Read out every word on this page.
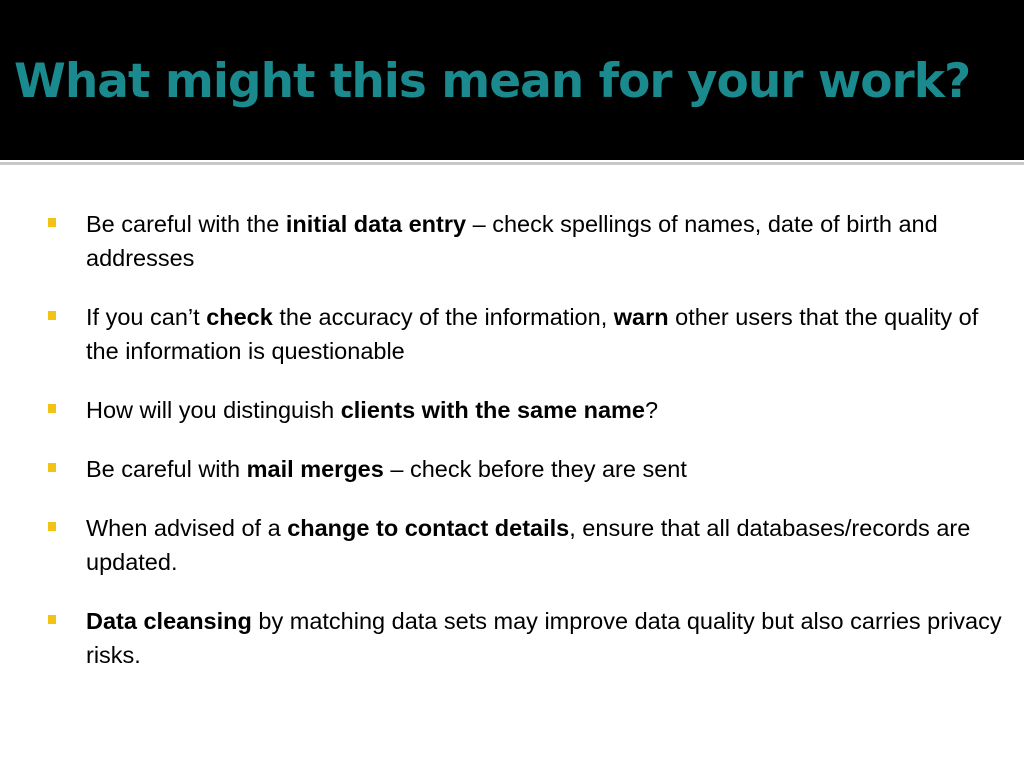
What might this mean for your work?
Be careful with the initial data entry – check spellings of names, date of birth and addresses
If you can’t check the accuracy of the information, warn other users that the quality of the information is questionable
How will you distinguish clients with the same name?
Be careful with mail merges – check before they are sent
When advised of a change to contact details, ensure that all databases/records are updated.
Data cleansing by matching data sets may improve data quality but also carries privacy risks.
